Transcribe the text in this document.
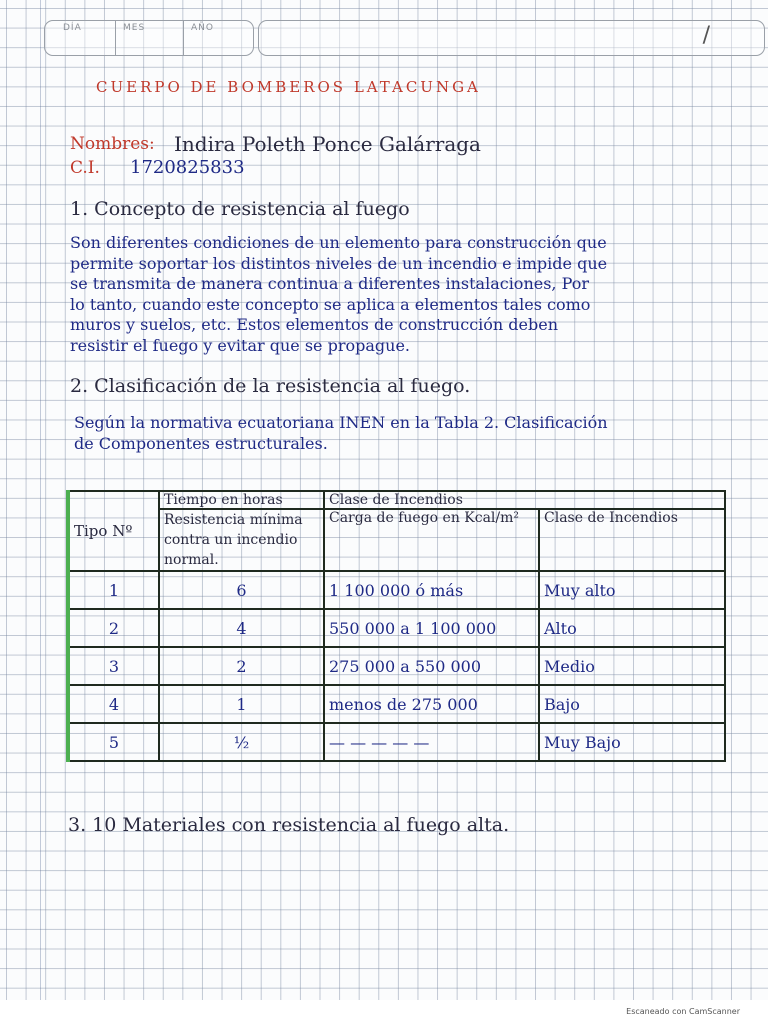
DÍA	MES	AÑO	/
CUERPO DE BOMBEROS LATACUNGA
Nombres: Indira Poleth Ponce Galárraga
C.I. 1720825833
1. Concepto de resistencia al fuego
Son diferentes condiciones de un elemento para construcción que
permite soportar los distintos niveles de un incendio e impide que
se transmita de manera continua a diferentes instalaciones, Por
lo tanto, cuando este concepto se aplica a elementos tales como
muros y suelos, etc. Estos elementos de construcción deben
resistir el fuego y evitar que se propague.
2. Clasificación de la resistencia al fuego.
Según la normativa ecuatoriana INEN en la Tabla 2. Clasificación
de Componentes estructurales.
Tipo Nº	Tiempo en horas	Clase de Incendios	
	Resistencia mínima contra un incendio normal.	Carga de fuego en Kcal/m²	Clase de Incendios
1	6	1 100 000 ó más	Muy alto
2	4	550 000 a 1 100 000	Alto
3	2	275 000 a 550 000	Medio
4	1	menos de 275 000	Bajo
5	½	— — — — —	Muy Bajo
3. 10 Materiales con resistencia al fuego alta.
Escaneado con CamScanner
